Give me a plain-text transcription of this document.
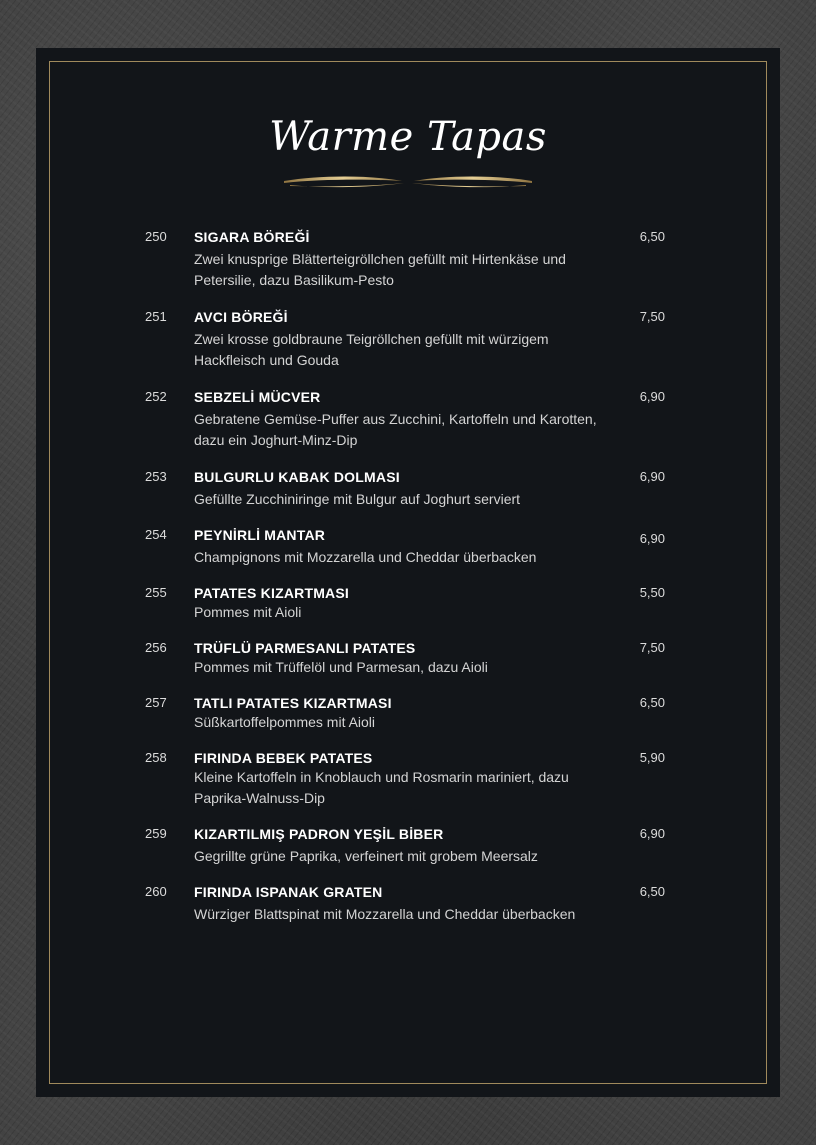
Warme Tapas
250 SIGARA BÖREĞİ
Zwei knusprige Blätterteigröllchen gefüllt mit Hirtenkäse und Petersilie, dazu Basilikum-Pesto
6,50
251 AVCI BÖREĞİ
Zwei krosse goldbraune Teigröllchen gefüllt mit würzigem Hackfleisch und Gouda
7,50
252 SEBZELİ MÜCVER
Gebratene Gemüse-Puffer aus Zucchini, Kartoffeln und Karotten, dazu ein Joghurt-Minz-Dip
6,90
253 BULGURLU KABAK DOLMASI
Gefüllte Zucchiniringe mit Bulgur auf Joghurt serviert
6,90
254 PEYNİRLİ MANTAR
Champignons mit Mozzarella und Cheddar überbacken
6,90
255 PATATES KIZARTMASI
Pommes mit Aioli
5,50
256 TRÜFLÜ PARMESANLI PATATES
Pommes mit Trüffelöl und Parmesan, dazu Aioli
7,50
257 TATLI PATATES KIZARTMASI
Süßkartoffelpommes mit Aioli
6,50
258 FIRINDA BEBEK PATATES
Kleine Kartoffeln in Knoblauch und Rosmarin mariniert, dazu Paprika-Walnuss-Dip
5,90
259 KIZARTILMIŞ PADRON YEŞİL BİBER
Gegrillte grüne Paprika, verfeinert mit grobem Meersalz
6,90
260 FIRINDA ISPANAK GRATEN
Würziger Blattspinat mit Mozzarella und Cheddar überbacken
6,50
